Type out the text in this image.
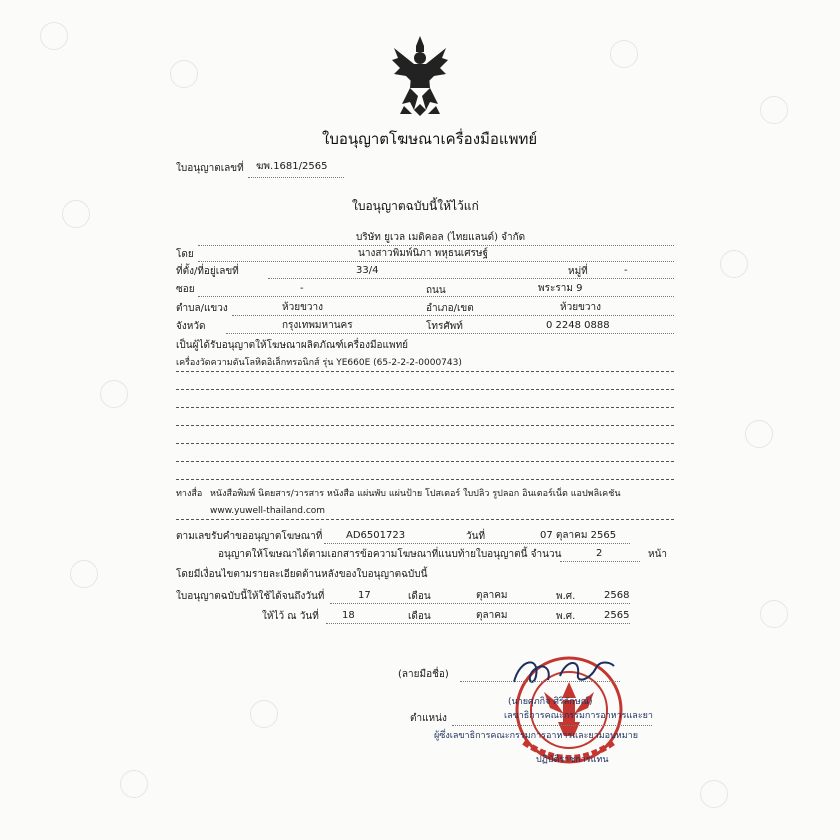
ใบอนุญาตโฆษณาเครื่องมือแพทย์
ใบอนุญาตเลขที่ ฆพ.1681/2565
ใบอนุญาตฉบับนี้ให้ไว้แก่
บริษัท ยูเวล เมดิคอล (ไทยแลนด์) จำกัด
โดย	นางสาวพิมพ์นิภา พหุธนเศรษฐ์
ที่ตั้ง/ที่อยู่เลขที่	33/4	หมู่ที่	-
ซอย	-	ถนน	พระราม 9
ตำบล/แขวง	ห้วยขวาง	อำเภอ/เขต	ห้วยขวาง
จังหวัด	กรุงเทพมหานคร	โทรศัพท์	0 2248 0888
เป็นผู้ได้รับอนุญาตให้โฆษณาผลิตภัณฑ์เครื่องมือแพทย์
เครื่องวัดความดันโลหิตอิเล็กทรอนิกส์ รุ่น YE660E (65-2-2-2-0000743)
ทางสื่อ หนังสือพิมพ์ นิตยสาร/วารสาร หนังสือ แผ่นพับ แผ่นป้าย โปสเตอร์ ใบปลิว รูปลอก อินเตอร์เน็ต แอปพลิเคชัน
www.yuwell-thailand.com
ตามเลขรับคำขออนุญาตโฆษณาที่ AD6501723	วันที่	07 ตุลาคม 2565
อนุญาตให้โฆษณาได้ตามเอกสารข้อความโฆษณาที่แนบท้ายใบอนุญาตนี้ จำนวน	2	หน้า
โดยมีเงื่อนไขตามรายละเอียดด้านหลังของใบอนุญาตฉบับนี้
ใบอนุญาตฉบับนี้ให้ใช้ได้จนถึงวันที่	17	เดือน	ตุลาคม	พ.ศ.	2568
ให้ไว้ ณ วันที่ 18	เดือน	ตุลาคม	พ.ศ.	2565
(ลายมือชื่อ)
(นายศุภกิจ ศิริลักษณ์)
เลขาธิการคณะกรรมการอาหารและยา
ตำแหน่ง
ผู้ซึ่งเลขาธิการคณะกรรมการอาหารและยามอบหมาย
ปฏิบัติราชการแทน
